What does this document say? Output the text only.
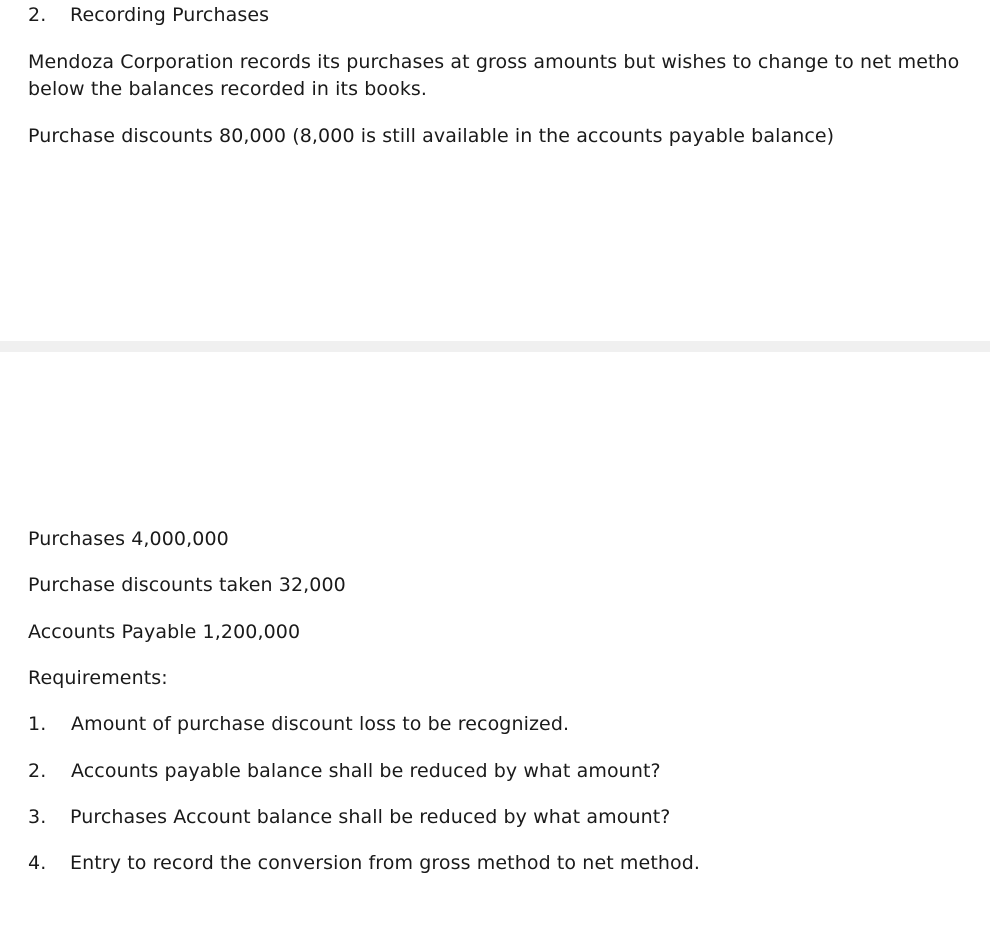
2. Recording Purchases
Mendoza Corporation records its purchases at gross amounts but wishes to change to net metho
below the balances recorded in its books.
Purchase discounts 80,000 (8,000 is still available in the accounts payable balance)
Purchases 4,000,000
Purchase discounts taken 32,000
Accounts Payable 1,200,000
Requirements:
1. Amount of purchase discount loss to be recognized.
2. Accounts payable balance shall be reduced by what amount?
3. Purchases Account balance shall be reduced by what amount?
4. Entry to record the conversion from gross method to net method.
